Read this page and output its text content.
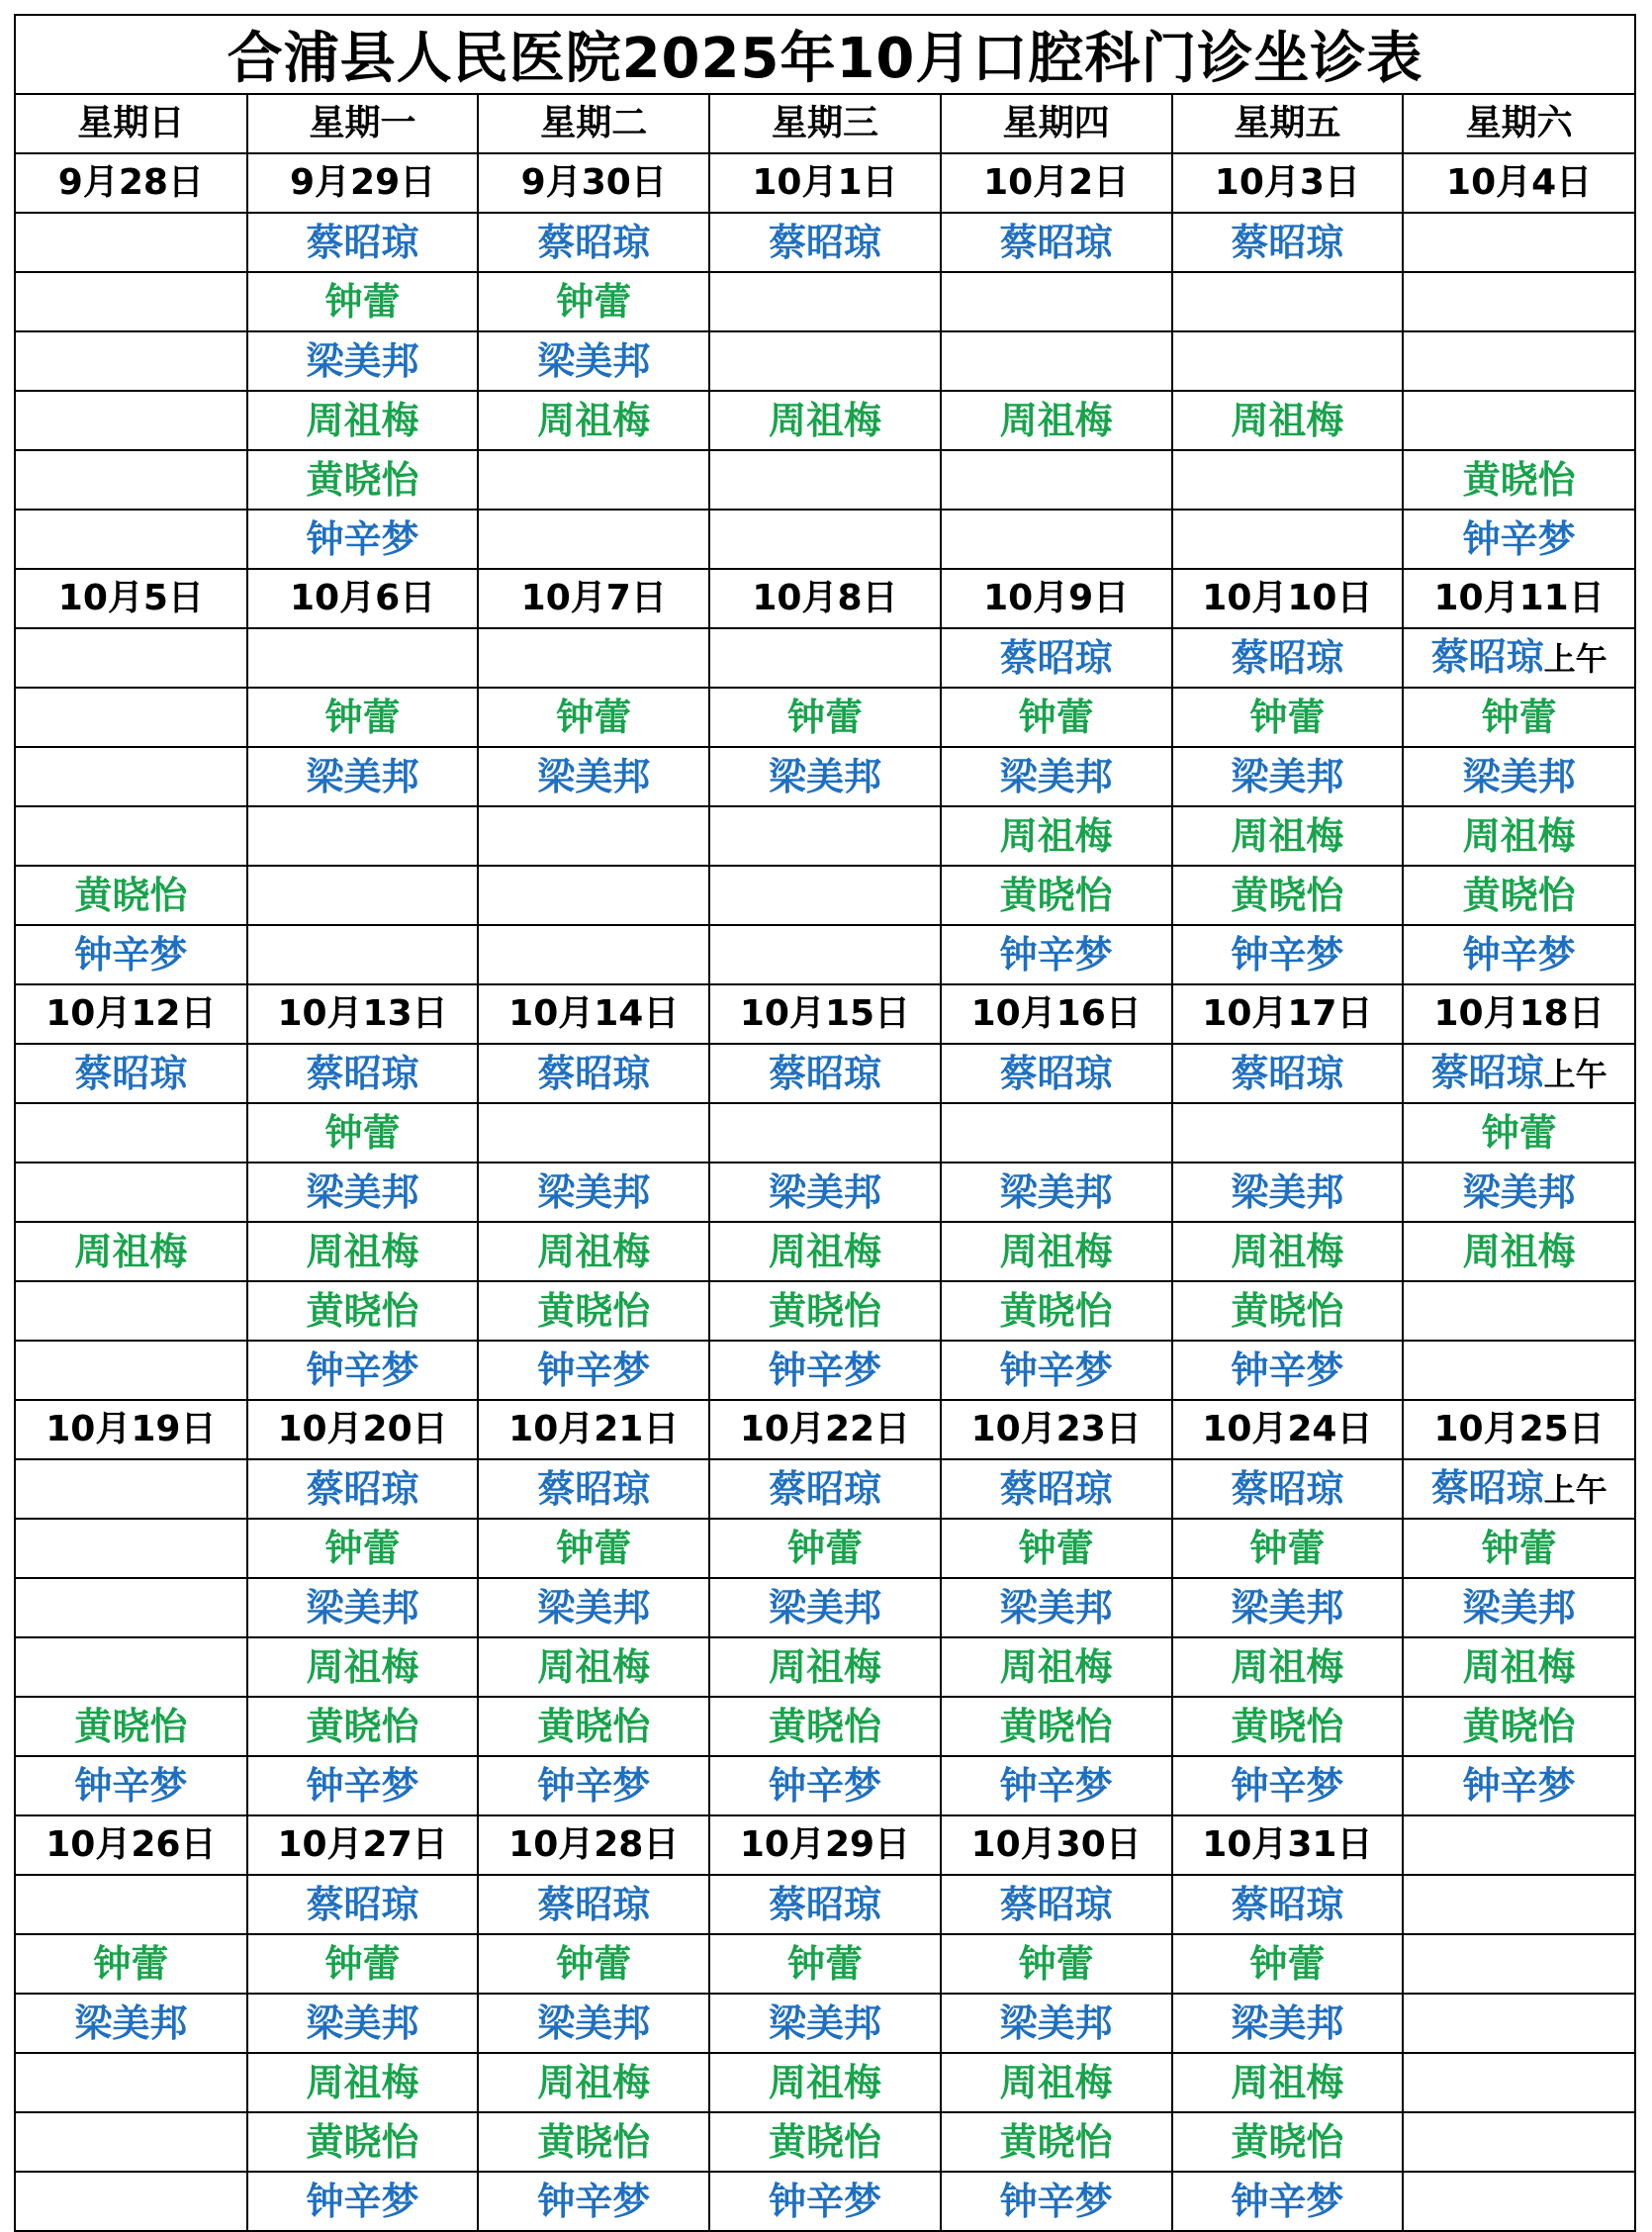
合浦县人民医院2025年10月口腔科门诊坐诊表
星期日	星期一	星期二	星期三	星期四	星期五	星期六
9月28日	9月29日	9月30日	10月1日	10月2日	10月3日	10月4日
	蔡昭琼	蔡昭琼	蔡昭琼	蔡昭琼	蔡昭琼	
	钟蕾	钟蕾				
	梁美邦	梁美邦				
	周祖梅	周祖梅	周祖梅	周祖梅	周祖梅	
	黄晓怡					黄晓怡
	钟辛梦					钟辛梦
10月5日	10月6日	10月7日	10月8日	10月9日	10月10日	10月11日
				蔡昭琼	蔡昭琼	蔡昭琼上午
	钟蕾	钟蕾	钟蕾	钟蕾	钟蕾	钟蕾
	梁美邦	梁美邦	梁美邦	梁美邦	梁美邦	梁美邦
				周祖梅	周祖梅	周祖梅
黄晓怡				黄晓怡	黄晓怡	黄晓怡
钟辛梦				钟辛梦	钟辛梦	钟辛梦
10月12日	10月13日	10月14日	10月15日	10月16日	10月17日	10月18日
蔡昭琼	蔡昭琼	蔡昭琼	蔡昭琼	蔡昭琼	蔡昭琼	蔡昭琼上午
	钟蕾					钟蕾
	梁美邦	梁美邦	梁美邦	梁美邦	梁美邦	梁美邦
周祖梅	周祖梅	周祖梅	周祖梅	周祖梅	周祖梅	周祖梅
	黄晓怡	黄晓怡	黄晓怡	黄晓怡	黄晓怡	
	钟辛梦	钟辛梦	钟辛梦	钟辛梦	钟辛梦	
10月19日	10月20日	10月21日	10月22日	10月23日	10月24日	10月25日
	蔡昭琼	蔡昭琼	蔡昭琼	蔡昭琼	蔡昭琼	蔡昭琼上午
	钟蕾	钟蕾	钟蕾	钟蕾	钟蕾	钟蕾
	梁美邦	梁美邦	梁美邦	梁美邦	梁美邦	梁美邦
	周祖梅	周祖梅	周祖梅	周祖梅	周祖梅	周祖梅
黄晓怡	黄晓怡	黄晓怡	黄晓怡	黄晓怡	黄晓怡	黄晓怡
钟辛梦	钟辛梦	钟辛梦	钟辛梦	钟辛梦	钟辛梦	钟辛梦
10月26日	10月27日	10月28日	10月29日	10月30日	10月31日	
	蔡昭琼	蔡昭琼	蔡昭琼	蔡昭琼	蔡昭琼	
钟蕾	钟蕾	钟蕾	钟蕾	钟蕾	钟蕾	
梁美邦	梁美邦	梁美邦	梁美邦	梁美邦	梁美邦	
	周祖梅	周祖梅	周祖梅	周祖梅	周祖梅	
	黄晓怡	黄晓怡	黄晓怡	黄晓怡	黄晓怡	
	钟辛梦	钟辛梦	钟辛梦	钟辛梦	钟辛梦	
